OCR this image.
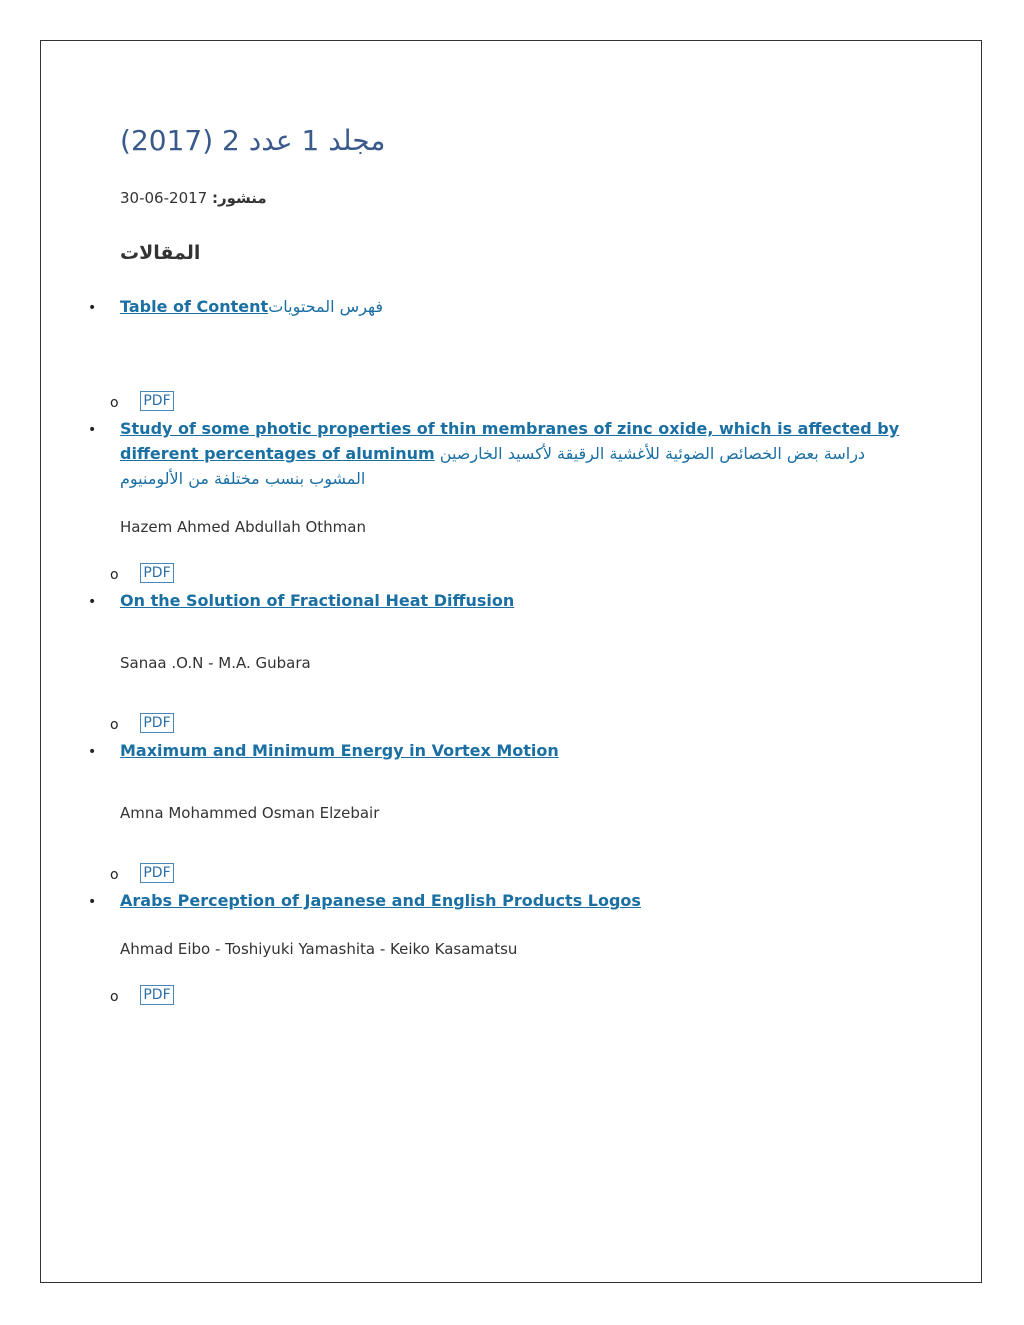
مجلد 1 عدد 2 (2017)
منشور: 2017-06-30
المقالات
• Table of Contentفهرس المحتويات
o PDF
• Study of some photic properties of thin membranes of zinc oxide, which is affected by different percentages of aluminum دراسة بعض الخصائص الضوئية للأغشية الرقيقة لأكسيد الخارصين المشوب بنسب مختلفة من الألومنيوم
Hazem Ahmed Abdullah Othman
o PDF
• On the Solution of Fractional Heat Diffusion
Sanaa .O.N - M.A. Gubara
o PDF
• Maximum and Minimum Energy in Vortex Motion
Amna Mohammed Osman Elzebair
o PDF
• Arabs Perception of Japanese and English Products Logos
Ahmad Eibo - Toshiyuki Yamashita - Keiko Kasamatsu
o PDF
